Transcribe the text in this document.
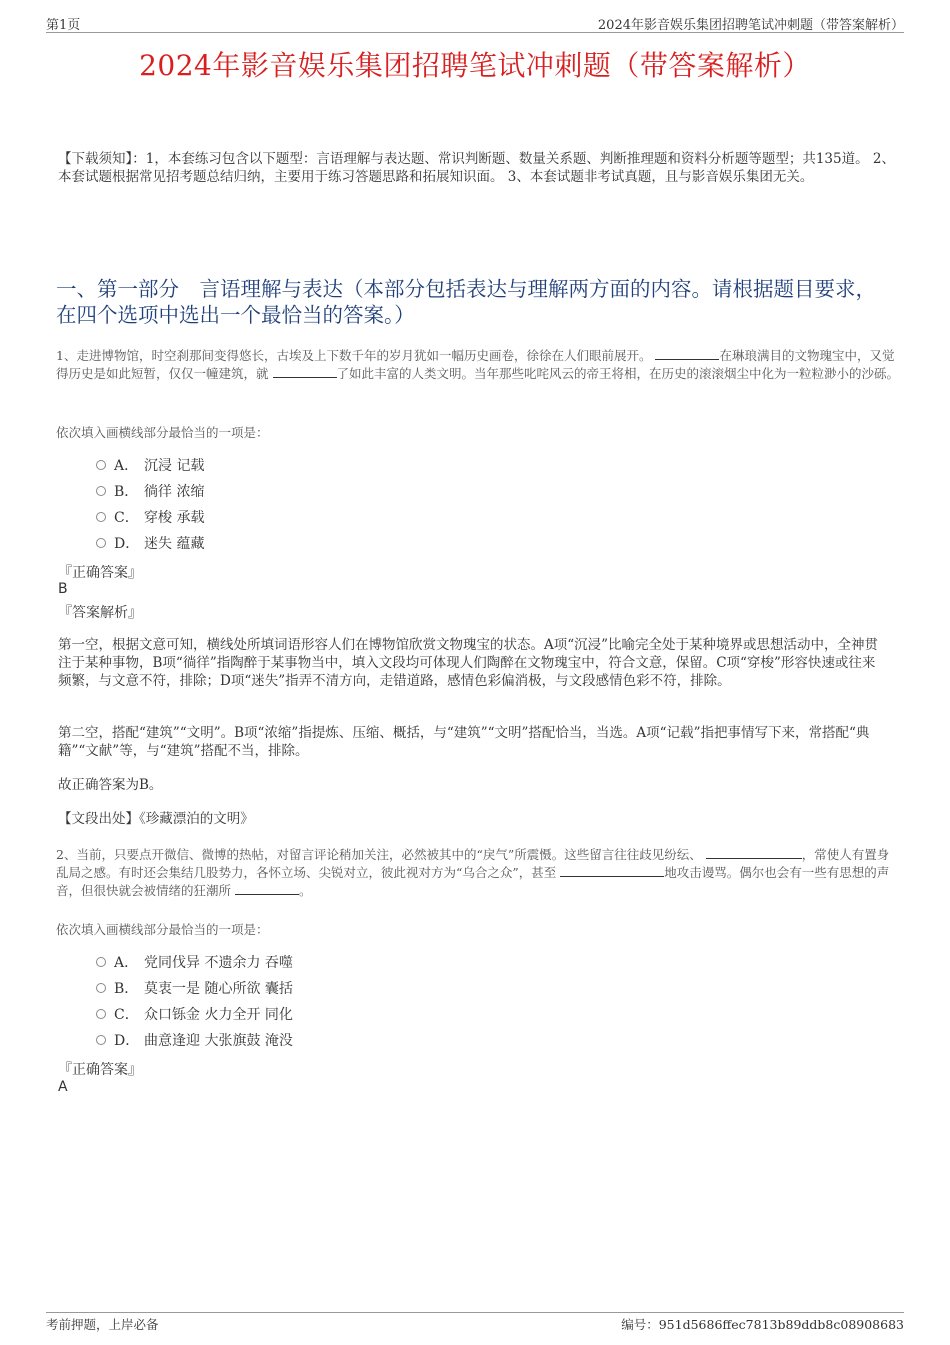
第1页	2024年影音娱乐集团招聘笔试冲刺题（带答案解析）
2024年影音娱乐集团招聘笔试冲刺题（带答案解析）
【下载须知】：1，本套练习包含以下题型：言语理解与表达题、常识判断题、数量关系题、判断推理题和资料分析题等题型；共135道。 2、本套试题根据常见招考题总结归纳，主要用于练习答题思路和拓展知识面。 3、本套试题非考试真题，且与影音娱乐集团无关。
一、第一部分　言语理解与表达（本部分包括表达与理解两方面的内容。请根据题目要求，在四个选项中选出一个最恰当的答案。）
1、走进博物馆，时空刹那间变得悠长，古埃及上下数千年的岁月犹如一幅历史画卷，徐徐在人们眼前展开。	在琳琅满目的文物瑰宝中，又觉得历史是如此短暂，仅仅一幢建筑，就	了如此丰富的人类文明。当年那些叱咤风云的帝王将相，在历史的滚滚烟尘中化为一粒粒渺小的沙砾。
依次填入画横线部分最恰当的一项是：
A． 沉浸 记载
B． 徜徉 浓缩
C． 穿梭 承载
D． 迷失 蕴藏
『正确答案』
B
『答案解析』
第一空，根据文意可知，横线处所填词语形容人们在博物馆欣赏文物瑰宝的状态。A项“沉浸”比喻完全处于某种境界或思想活动中，全神贯注于某种事物，B项“徜徉”指陶醉于某事物当中，填入文段均可体现人们陶醉在文物瑰宝中，符合文意，保留。C项“穿梭”形容快速或往来频繁，与文意不符，排除；D项“迷失”指弄不清方向，走错道路，感情色彩偏消极，与文段感情色彩不符，排除。
第二空，搭配“建筑”“文明”。B项“浓缩”指提炼、压缩、概括，与“建筑”“文明”搭配恰当，当选。A项“记载”指把事情写下来，常搭配“典籍”“文献”等，与“建筑”搭配不当，排除。
故正确答案为B。
【文段出处】《珍藏漂泊的文明》
2、当前，只要点开微信、微博的热帖，对留言评论稍加关注，必然被其中的“戾气”所震慑。这些留言往往歧见纷纭、	，常使人有置身乱局之感。有时还会集结几股势力，各怀立场、尖锐对立，彼此视对方为“乌合之众”，甚至	地攻击谩骂。偶尔也会有一些有思想的声音，但很快就会被情绪的狂潮所	。
依次填入画横线部分最恰当的一项是：
A． 党同伐异 不遗余力 吞噬
B． 莫衷一是 随心所欲 囊括
C． 众口铄金 火力全开 同化
D． 曲意逢迎 大张旗鼓 淹没
『正确答案』
A
考前押题，上岸必备	编号：951d5686ffec7813b89ddb8c08908683
